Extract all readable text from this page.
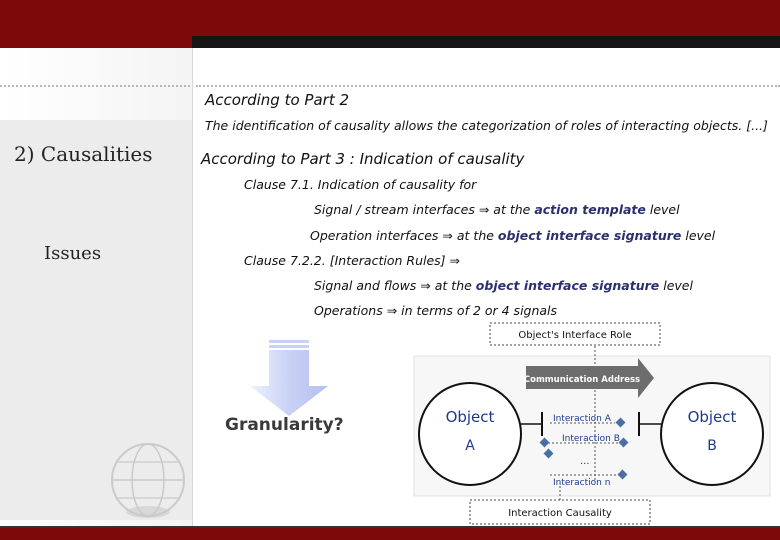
2) Causalities
Issues
According to Part 2
The identification of causality allows the categorization of roles of interacting objects. [...]
According to Part 3 : Indication of causality
Clause 7.1. Indication of causality for
Signal / stream interfaces ⇒ at the action template level
Operation interfaces ⇒ at the object interface signature level
Clause 7.2.2. [Interaction Rules] ⇒
Signal and flows ⇒ at the object interface signature level
Operations ⇒ in terms of 2 or 4 signals
Granularity?
Object's Interface Role
Communication Address
Object
A
Object
B
Interaction A
Interaction B
...
Interaction n
Interaction Causality
